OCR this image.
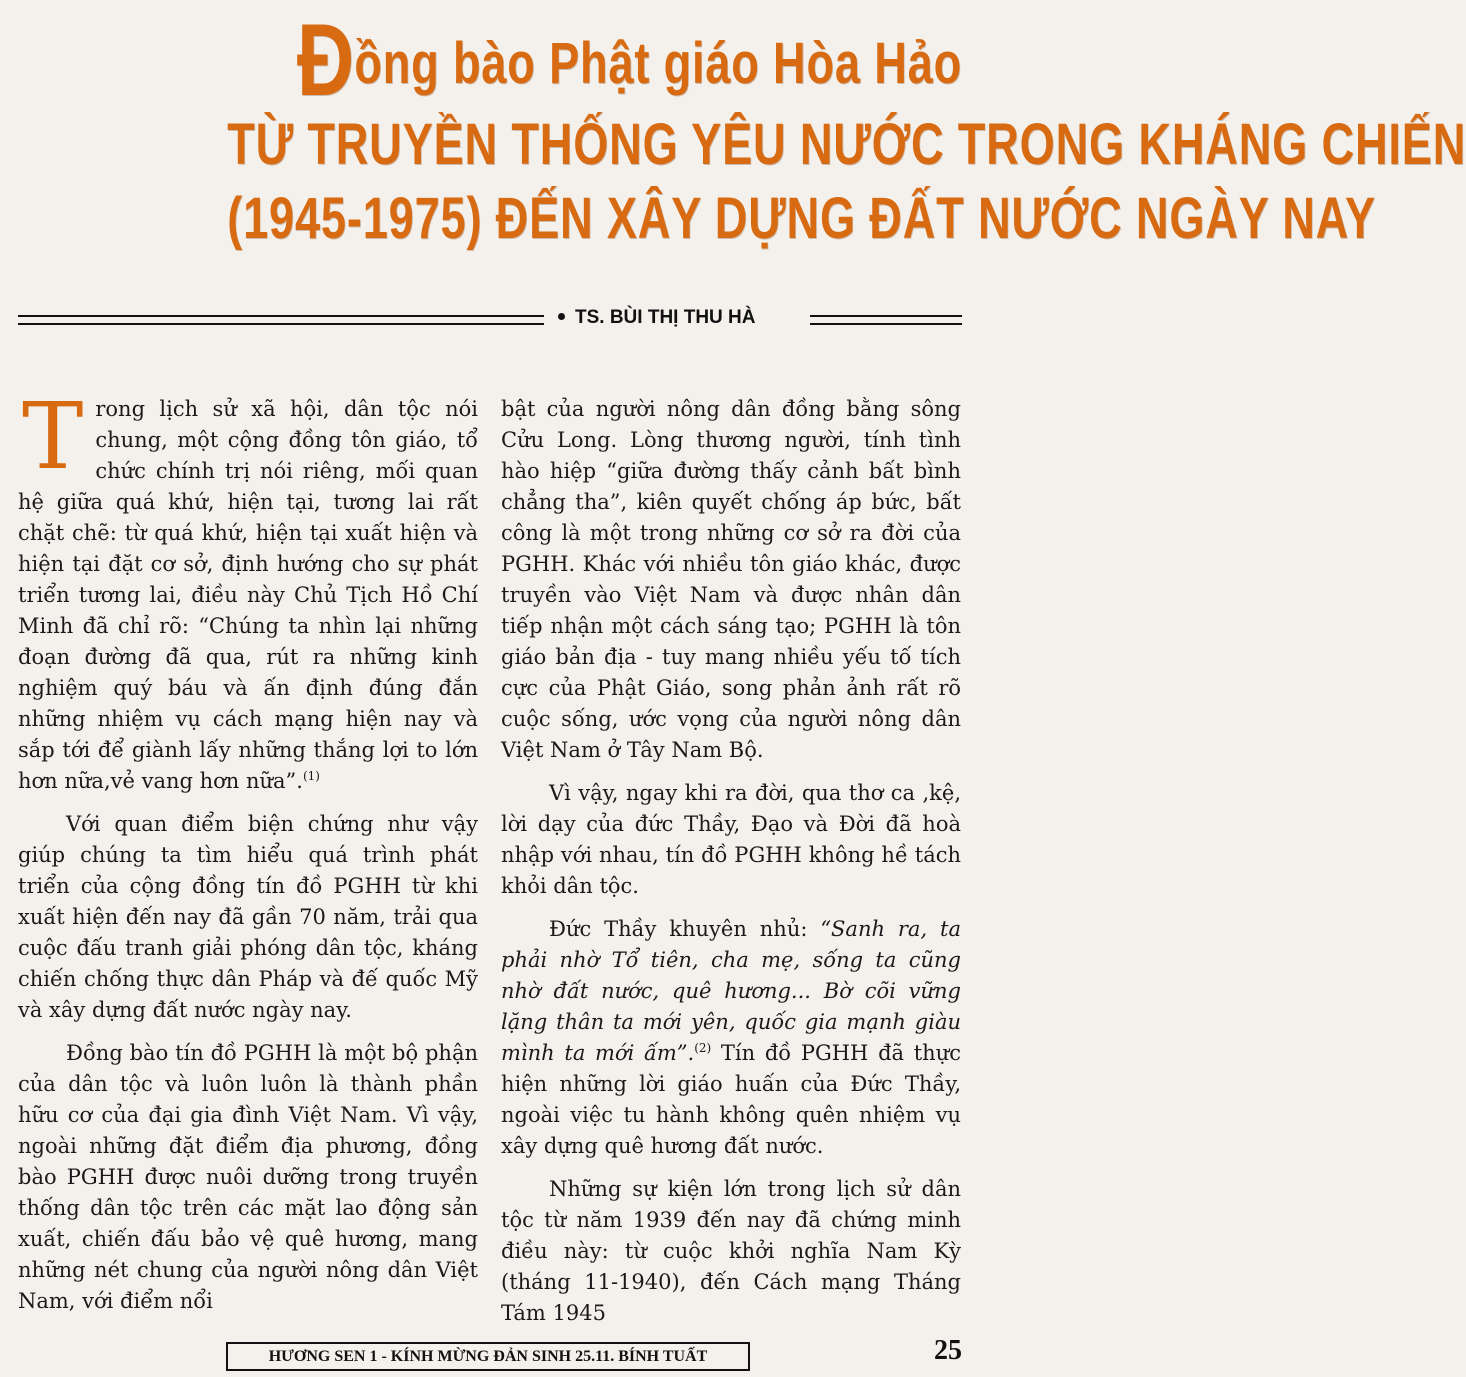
Đồng bào Phật giáo Hòa Hảo
TỪ TRUYỀN THỐNG YÊU NƯỚC TRONG KHÁNG CHIẾN
(1945-1975) ĐẾN XÂY DỰNG ĐẤT NƯỚC NGÀY NAY
TS. BÙI THỊ THU HÀ

Trong lịch sử xã hội, dân tộc nói chung, một cộng đồng tôn giáo, tổ chức chính trị nói riêng, mối quan hệ giữa quá khứ, hiện tại, tương lai rất chặt chẽ: từ quá khứ, hiện tại xuất hiện và hiện tại đặt cơ sở, định hướng cho sự phát triển tương lai, điều này Chủ Tịch Hồ Chí Minh đã chỉ rõ: “Chúng ta nhìn lại những đoạn đường đã qua, rút ra những kinh nghiệm quý báu và ấn định đúng đắn những nhiệm vụ cách mạng hiện nay và sắp tới để giành lấy những thắng lợi to lớn hơn nữa,vẻ vang hơn nữa”.$^{(1)}$

Với quan điểm biện chứng như vậy giúp chúng ta tìm hiểu quá trình phát triển của cộng đồng tín đồ PGHH từ khi xuất hiện đến nay đã gần 70 năm, trải qua cuộc đấu tranh giải phóng dân tộc, kháng chiến chống thực dân Pháp và đế quốc Mỹ và xây dựng đất nước ngày nay.

Đồng bào tín đồ PGHH là một bộ phận của dân tộc và luôn luôn là thành phần hữu cơ của đại gia đình Việt Nam. Vì vậy, ngoài những đặt điểm địa phương, đồng bào PGHH được nuôi dưỡng trong truyền thống dân tộc trên các mặt lao động sản xuất, chiến đấu bảo vệ quê hương, mang những nét chung của người nông dân Việt Nam, với điểm nổi

bật của người nông dân đồng bằng sông Cửu Long. Lòng thương người, tính tình hào hiệp “giữa đường thấy cảnh bất bình chẳng tha”, kiên quyết chống áp bức, bất công là một trong những cơ sở ra đời của PGHH. Khác với nhiều tôn giáo khác, được truyền vào Việt Nam và được nhân dân tiếp nhận một cách sáng tạo; PGHH là tôn giáo bản địa - tuy mang nhiều yếu tố tích cực của Phật Giáo, song phản ảnh rất rõ cuộc sống, ước vọng của người nông dân Việt Nam ở Tây Nam Bộ.

Vì vậy, ngay khi ra đời, qua thơ ca ,kệ, lời dạy của đức Thầy, Đạo và Đời đã hoà nhập với nhau, tín đồ PGHH không hề tách khỏi dân tộc.

Đức Thầy khuyên nhủ: “Sanh ra, ta phải nhờ Tổ tiên, cha mẹ, sống ta cũng nhờ đất nước, quê hương... Bờ cõi vững lặng thân ta mới yên, quốc gia mạnh giàu mình ta mới ấm”.$^{(2)}$ Tín đồ PGHH đã thực hiện những lời giáo huấn của Đức Thầy, ngoài việc tu hành không quên nhiệm vụ xây dựng quê hương đất nước.

Những sự kiện lớn trong lịch sử dân tộc từ năm 1939 đến nay đã chứng minh điều này: từ cuộc khởi nghĩa Nam Kỳ (tháng 11-1940), đến Cách mạng Tháng Tám 1945

HƯƠNG SEN 1 - KÍNH MỪNG ĐẢN SINH 25.11. BÍNH TUẤT	25
